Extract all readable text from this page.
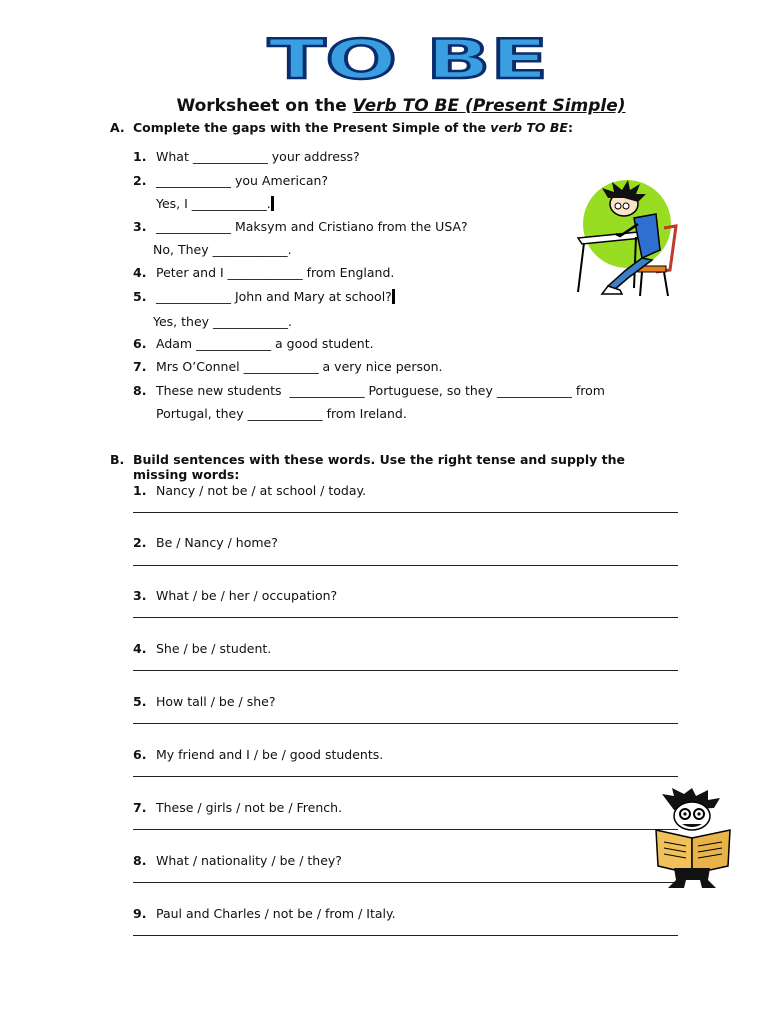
TO BE
Worksheet on the Verb TO BE (Present Simple)
A. Complete the gaps with the Present Simple of the verb TO BE:
1. What ____________ your address?
2. ____________ you American?
Yes, I ____________.
3. ____________ Maksym and Cristiano from the USA?
No, They ____________.
4. Peter and I ____________ from England.
5. ____________ John and Mary at school?
Yes, they ____________.
6. Adam ____________ a good student.
7. Mrs O’Connel ____________ a very nice person.
8. These new students  ____________ Portuguese, so they ____________ from
Portugal, they ____________ from Ireland.
B. Build sentences with these words. Use the right tense and supply the missing words:
1. Nancy / not be / at school / today.
2. Be / Nancy / home?
3. What / be / her / occupation?
4. She / be / student.
5. How tall / be / she?
6. My friend and I / be / good students.
7. These / girls / not be / French.
8. What / nationality / be / they?
9. Paul and Charles / not be / from / Italy.
